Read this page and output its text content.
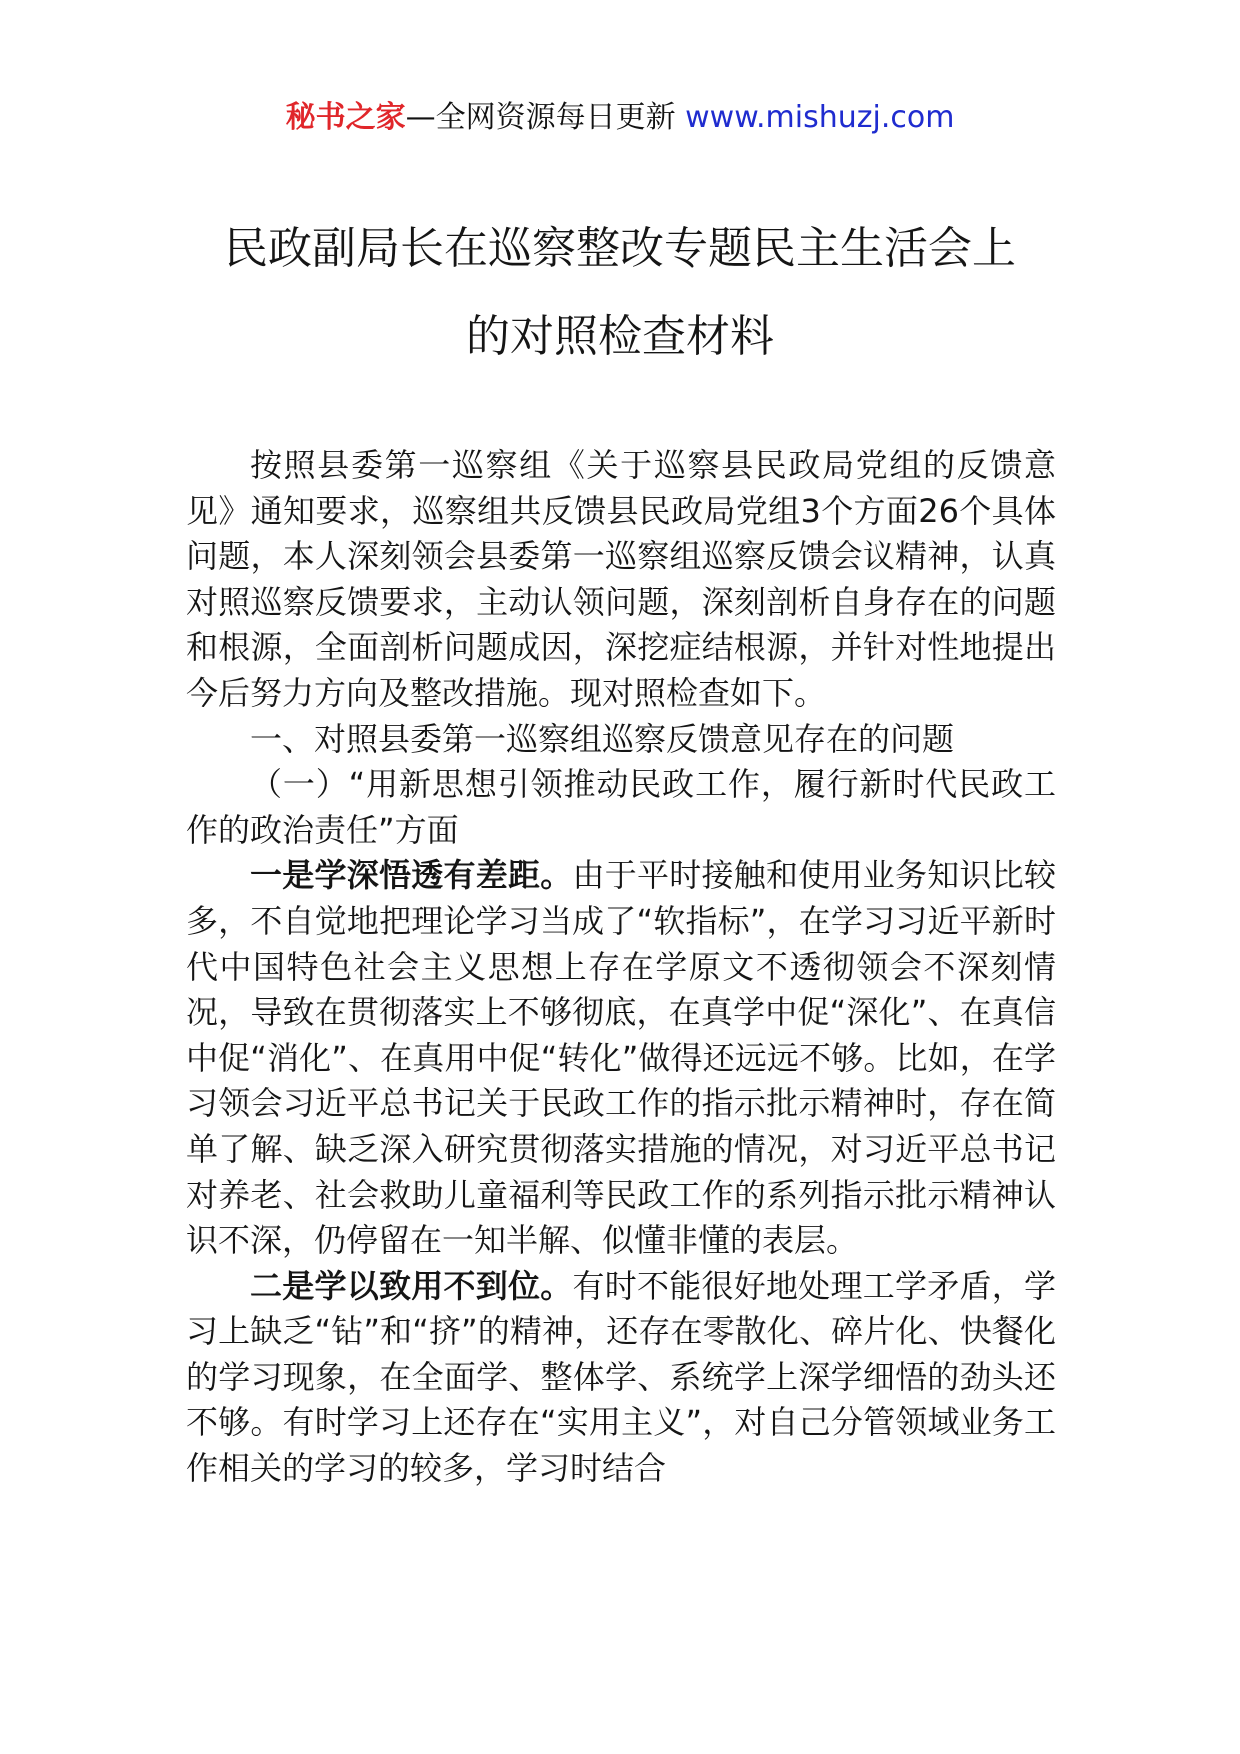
秘书之家—全网资源每日更新 www.mishuzj.com
民政副局长在巡察整改专题民主生活会上
的对照检查材料

按照县委第一巡察组《关于巡察县民政局党组的反馈意见》通知要求，巡察组共反馈县民政局党组3个方面26个具体问题，本人深刻领会县委第一巡察组巡察反馈会议精神，认真对照巡察反馈要求，主动认领问题，深刻剖析自身存在的问题和根源，全面剖析问题成因，深挖症结根源，并针对性地提出今后努力方向及整改措施。现对照检查如下。

一、对照县委第一巡察组巡察反馈意见存在的问题

（一）“用新思想引领推动民政工作，履行新时代民政工作的政治责任”方面

一是学深悟透有差距。由于平时接触和使用业务知识比较多，不自觉地把理论学习当成了“软指标”，在学习习近平新时代中国特色社会主义思想上存在学原文不透彻领会不深刻情况，导致在贯彻落实上不够彻底，在真学中促“深化”、在真信中促“消化”、在真用中促“转化”做得还远远不够。比如，在学习领会习近平总书记关于民政工作的指示批示精神时，存在简单了解、缺乏深入研究贯彻落实措施的情况，对习近平总书记对养老、社会救助儿童福利等民政工作的系列指示批示精神认识不深，仍停留在一知半解、似懂非懂的表层。

二是学以致用不到位。有时不能很好地处理工学矛盾，学习上缺乏“钻”和“挤”的精神，还存在零散化、碎片化、快餐化的学习现象，在全面学、整体学、系统学上深学细悟的劲头还不够。有时学习上还存在“实用主义”，对自己分管领域业务工作相关的学习的较多，学习时结合
